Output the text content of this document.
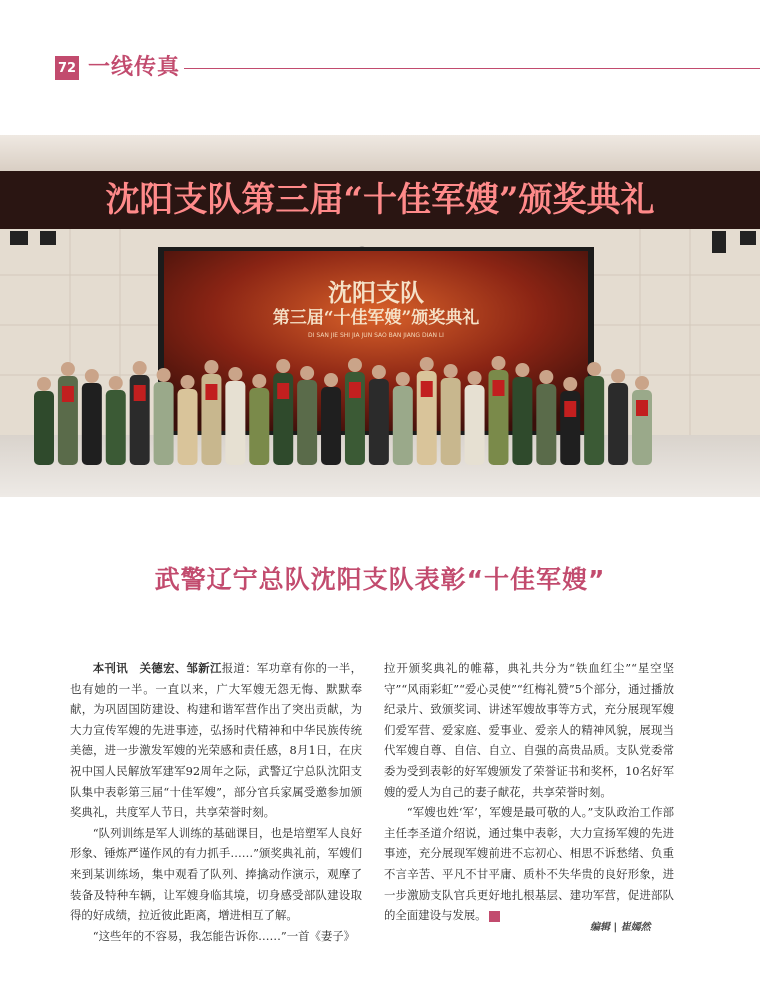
72 一线传真
沈阳支队第三届“十佳军嫂”颁奖典礼
沈阳支队
第三届“十佳军嫂”颁奖典礼
DI SAN JIE SHI JIA JUN SAO BAN JIANG DIAN LI
武警辽宁总队沈阳支队表彰“十佳军嫂”

本刊讯　关德宏、邹新江报道：军功章有你的一半，也有她的一半。一直以来，广大军嫂无怨无悔、默默奉献，为巩固国防建设、构建和谐军营作出了突出贡献，为大力宣传军嫂的先进事迹，弘扬时代精神和中华民族传统美德，进一步激发军嫂的光荣感和责任感，8月1日，在庆祝中国人民解放军建军92周年之际，武警辽宁总队沈阳支队集中表彰第三届“十佳军嫂”，部分官兵家属受邀参加颁奖典礼，共度军人节日，共享荣誉时刻。

“队列训练是军人训练的基础课目，也是培塑军人良好形象、锤炼严谨作风的有力抓手……”颁奖典礼前，军嫂们来到某训练场，集中观看了队列、捧擒动作演示，观摩了装备及特种车辆，让军嫂身临其境，切身感受部队建设取得的好成绩，拉近彼此距离，增进相互了解。

“这些年的不容易，我怎能告诉你……”一首《妻子》

拉开颁奖典礼的帷幕，典礼共分为“铁血红尘”“星空坚守”“风雨彩虹”“爱心灵使”“红梅礼赞”5个部分，通过播放纪录片、致颁奖词、讲述军嫂故事等方式，充分展现军嫂们爱军营、爱家庭、爱事业、爱亲人的精神风貌，展现当代军嫂自尊、自信、自立、自强的高贵品质。支队党委常委为受到表彰的好军嫂颁发了荣誉证书和奖杯，10名好军嫂的爱人为自己的妻子献花，共享荣誉时刻。

“军嫂也姓‘军’，军嫂是最可敬的人。”支队政治工作部主任李圣道介绍说，通过集中表彰，大力宣扬军嫂的先进事迹，充分展现军嫂前进不忘初心、相思不诉愁绪、负重不言辛苦、平凡不甘平庸、质朴不失华贵的良好形象，进一步激励支队官兵更好地扎根基层、建功军营，促进部队的全面建设与发展。	G

编辑 | 崔嫣然
